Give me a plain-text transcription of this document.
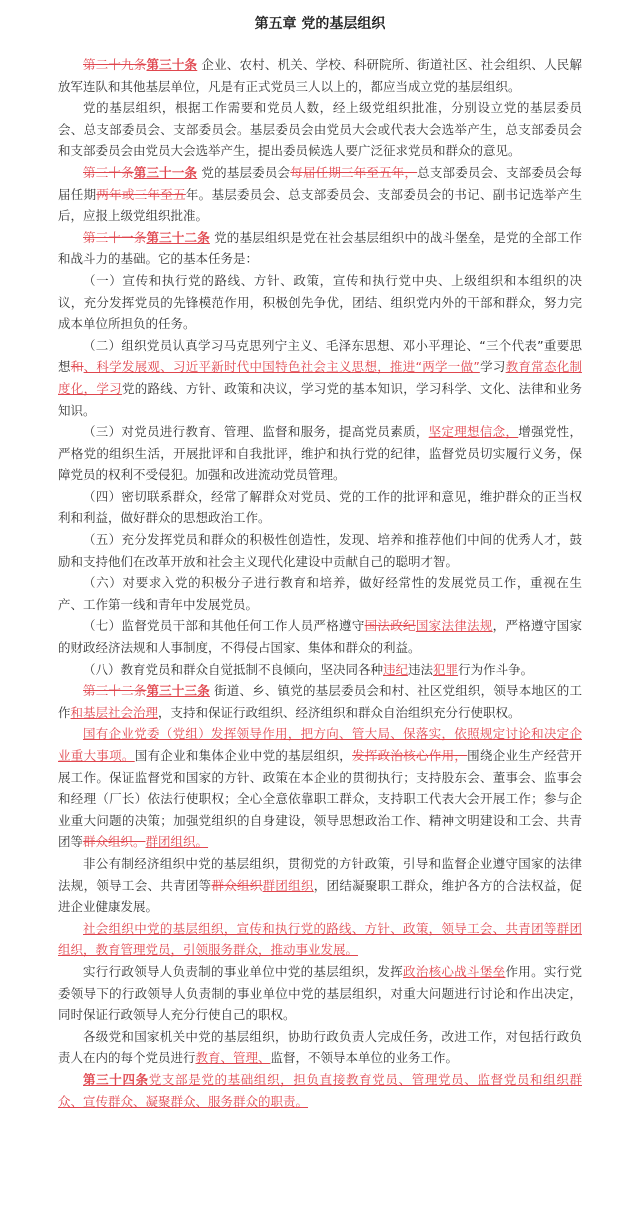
第五章 党的基层组织

第二十九条第三十条 企业、农村、机关、学校、科研院所、街道社区、社会组织、人民解放军连队和其他基层单位，凡是有正式党员三人以上的，都应当成立党的基层组织。

党的基层组织，根据工作需要和党员人数，经上级党组织批准，分别设立党的基层委员会、总支部委员会、支部委员会。基层委员会由党员大会或代表大会选举产生，总支部委员会和支部委员会由党员大会选举产生，提出委员候选人要广泛征求党员和群众的意见。

第三十条第三十一条 党的基层委员会每届任期三年至五年，总支部委员会、支部委员会每届任期两年或三年至五年。基层委员会、总支部委员会、支部委员会的书记、副书记选举产生后，应报上级党组织批准。

第三十一条第三十二条 党的基层组织是党在社会基层组织中的战斗堡垒，是党的全部工作和战斗力的基础。它的基本任务是：

（一）宣传和执行党的路线、方针、政策，宣传和执行党中央、上级组织和本组织的决议，充分发挥党员的先锋模范作用，积极创先争优，团结、组织党内外的干部和群众，努力完成本单位所担负的任务。

（二）组织党员认真学习马克思列宁主义、毛泽东思想、邓小平理论、“三个代表”重要思想和、科学发展观、习近平新时代中国特色社会主义思想，推进“两学一做”学习教育常态化制度化，学习党的路线、方针、政策和决议，学习党的基本知识，学习科学、文化、法律和业务知识。

（三）对党员进行教育、管理、监督和服务，提高党员素质，坚定理想信念，增强党性，严格党的组织生活，开展批评和自我批评，维护和执行党的纪律，监督党员切实履行义务，保障党员的权利不受侵犯。加强和改进流动党员管理。

（四）密切联系群众，经常了解群众对党员、党的工作的批评和意见，维护群众的正当权利和利益，做好群众的思想政治工作。

（五）充分发挥党员和群众的积极性创造性，发现、培养和推荐他们中间的优秀人才，鼓励和支持他们在改革开放和社会主义现代化建设中贡献自己的聪明才智。

（六）对要求入党的积极分子进行教育和培养，做好经常性的发展党员工作，重视在生产、工作第一线和青年中发展党员。

（七）监督党员干部和其他任何工作人员严格遵守国法政纪国家法律法规，严格遵守国家的财政经济法规和人事制度，不得侵占国家、集体和群众的利益。

（八）教育党员和群众自觉抵制不良倾向，坚决同各种违纪违法犯罪行为作斗争。

第三十二条第三十三条 街道、乡、镇党的基层委员会和村、社区党组织，领导本地区的工作和基层社会治理，支持和保证行政组织、经济组织和群众自治组织充分行使职权。

国有企业党委（党组）发挥领导作用，把方向、管大局、保落实，依照规定讨论和决定企业重大事项。国有企业和集体企业中党的基层组织，发挥政治核心作用，围绕企业生产经营开展工作。保证监督党和国家的方针、政策在本企业的贯彻执行；支持股东会、董事会、监事会和经理（厂长）依法行使职权；全心全意依靠职工群众，支持职工代表大会开展工作；参与企业重大问题的决策；加强党组织的自身建设，领导思想政治工作、精神文明建设和工会、共青团等群众组织。群团组织。

非公有制经济组织中党的基层组织，贯彻党的方针政策，引导和监督企业遵守国家的法律法规，领导工会、共青团等群众组织群团组织，团结凝聚职工群众，维护各方的合法权益，促进企业健康发展。

社会组织中党的基层组织，宣传和执行党的路线、方针、政策，领导工会、共青团等群团组织，教育管理党员，引领服务群众，推动事业发展。

实行行政领导人负责制的事业单位中党的基层组织，发挥政治核心战斗堡垒作用。实行党委领导下的行政领导人负责制的事业单位中党的基层组织，对重大问题进行讨论和作出决定，同时保证行政领导人充分行使自己的职权。

各级党和国家机关中党的基层组织，协助行政负责人完成任务，改进工作，对包括行政负责人在内的每个党员进行教育、管理、监督，不领导本单位的业务工作。

第三十四条党支部是党的基础组织，担负直接教育党员、管理党员、监督党员和组织群众、宣传群众、凝聚群众、服务群众的职责。
